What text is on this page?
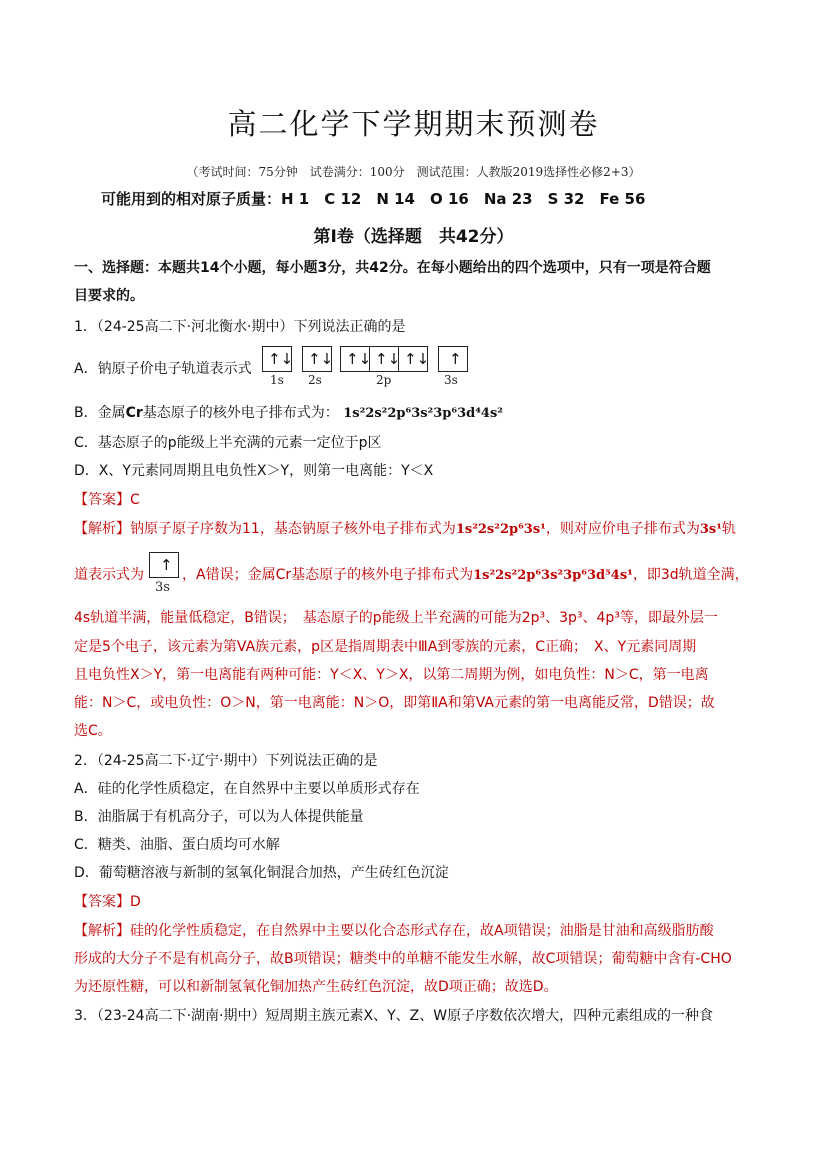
高二化学下学期期末预测卷
（考试时间：75分钟　试卷满分：100分　测试范围：人教版2019选择性必修2+3）
可能用到的相对原子质量：H 1　C 12　N 14　O 16　Na 23　S 32　Fe 56
第Ⅰ卷（选择题　共42分）
一、选择题：本题共14个小题，每小题3分，共42分。在每小题给出的四个选项中，只有一项是符合题
目要求的。
1．（24-25高二下·河北衡水·期中）下列说法正确的是
A．钠原子价电子轨道表示式
↑↓ ↑↓ ↑↓ ↑↓ ↑↓ ↑
1s 2s	2p	3s
B．金属Cr基态原子的核外电子排布式为： 1s²2s²2p⁶3s²3p⁶3d⁴4s²
C．基态原子的p能级上半充满的元素一定位于p区
D．X、Y元素同周期且电负性X＞Y，则第一电离能：Y＜X
【答案】C
【解析】钠原子原子序数为11，基态钠原子核外电子排布式为1s²2s²2p⁶3s¹，则对应价电子排布式为3s¹轨
道表示式为	，A错误；金属Cr基态原子的核外电子排布式为1s²2s²2p⁶3s²3p⁶3d⁵4s¹，即3d轨道全满，
↑
3s
4s轨道半满，能量低稳定，B错误；　基态原子的p能级上半充满的可能为2p³、3p³、4p³等，即最外层一
定是5个电子，该元素为第VA族元素，p区是指周期表中ⅢA到零族的元素，C正确；　X、Y元素同周期
且电负性X＞Y，第一电离能有两种可能：Y＜X、Y＞X，以第二周期为例，如电负性：N＞C，第一电离
能：N＞C，或电负性：O＞N，第一电离能：N＞O，即第ⅡA和第VA元素的第一电离能反常，D错误；故
选C。
2．（24-25高二下·辽宁·期中）下列说法正确的是
A．硅的化学性质稳定，在自然界中主要以单质形式存在
B．油脂属于有机高分子，可以为人体提供能量
C．糖类、油脂、蛋白质均可水解
D．葡萄糖溶液与新制的氢氧化铜混合加热，产生砖红色沉淀
【答案】D
【解析】硅的化学性质稳定，在自然界中主要以化合态形式存在，故A项错误；油脂是甘油和高级脂肪酸
形成的大分子不是有机高分子，故B项错误；糖类中的单糖不能发生水解，故C项错误；葡萄糖中含有-CHO
为还原性糖，可以和新制氢氧化铜加热产生砖红色沉淀，故D项正确；故选D。
3．（23-24高二下·湖南·期中）短周期主族元素X、Y、Z、W原子序数依次增大，四种元素组成的一种食
